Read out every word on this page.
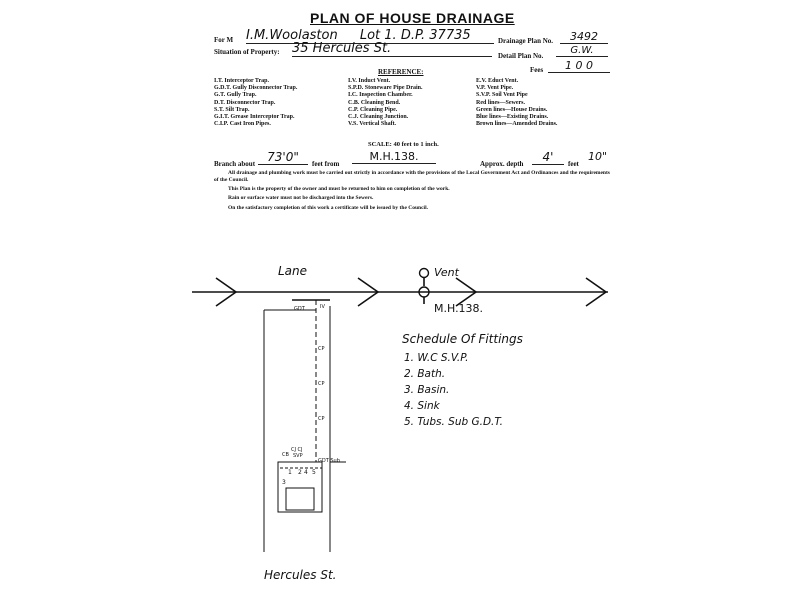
PLAN OF HOUSE DRAINAGE
For M I.M.Woolaston Lot 1. D.P. 37735	Drainage Plan No.	3492
Situation of Property: 35 Hercules St.	Detail Plan No.	G.W.
Fees	1 0 0
REFERENCE:
I.T. Interceptor Trap.
G.D.T. Gully Disconnector Trap.
G.T. Gully Trap.
D.T. Disconnector Trap.
S.T. Silt Trap.
G.I.T. Grease Interceptor Trap.
C.I.P. Cast Iron Pipes.
I.V. Induct Vent.
S.P.D. Stoneware Pipe Drain.
I.C. Inspection Chamber.
C.B. Cleaning Bend.
C.P. Cleaning Pipe.
C.J. Cleaning Junction.
V.S. Vertical Shaft.
E.V. Educt Vent.
V.P. Vent Pipe.
S.V.P. Soil Vent Pipe
Red lines—Sewers.
Green lines—House Drains.
Blue lines—Existing Drains.
Brown lines—Amended Drains.
SCALE: 40 feet to 1 inch.
Branch about	73'0"	feet from
M.H.138.
Approx. depth	4'	feet
10"
All drainage and plumbing work must be carried out strictly in accordance with the provisions of the Local Government Act and Ordinances and the requirements of the Council.
This Plan is the property of the owner and must be returned to him on completion of the work.
Rain or surface water must not be discharged into the Sewers.
On the satisfactory completion of this work a certificate will be issued by the Council.
GDT	IV
CP
CP
CP
CB
CJ CJ
SVP
GDT Sub
1 2 4 5
3
Lane	Vent
M.H.138.
Hercules St.
Schedule Of Fittings
1. W.C S.V.P.
2. Bath.
3. Basin.
4. Sink
5. Tubs. Sub G.D.T.
